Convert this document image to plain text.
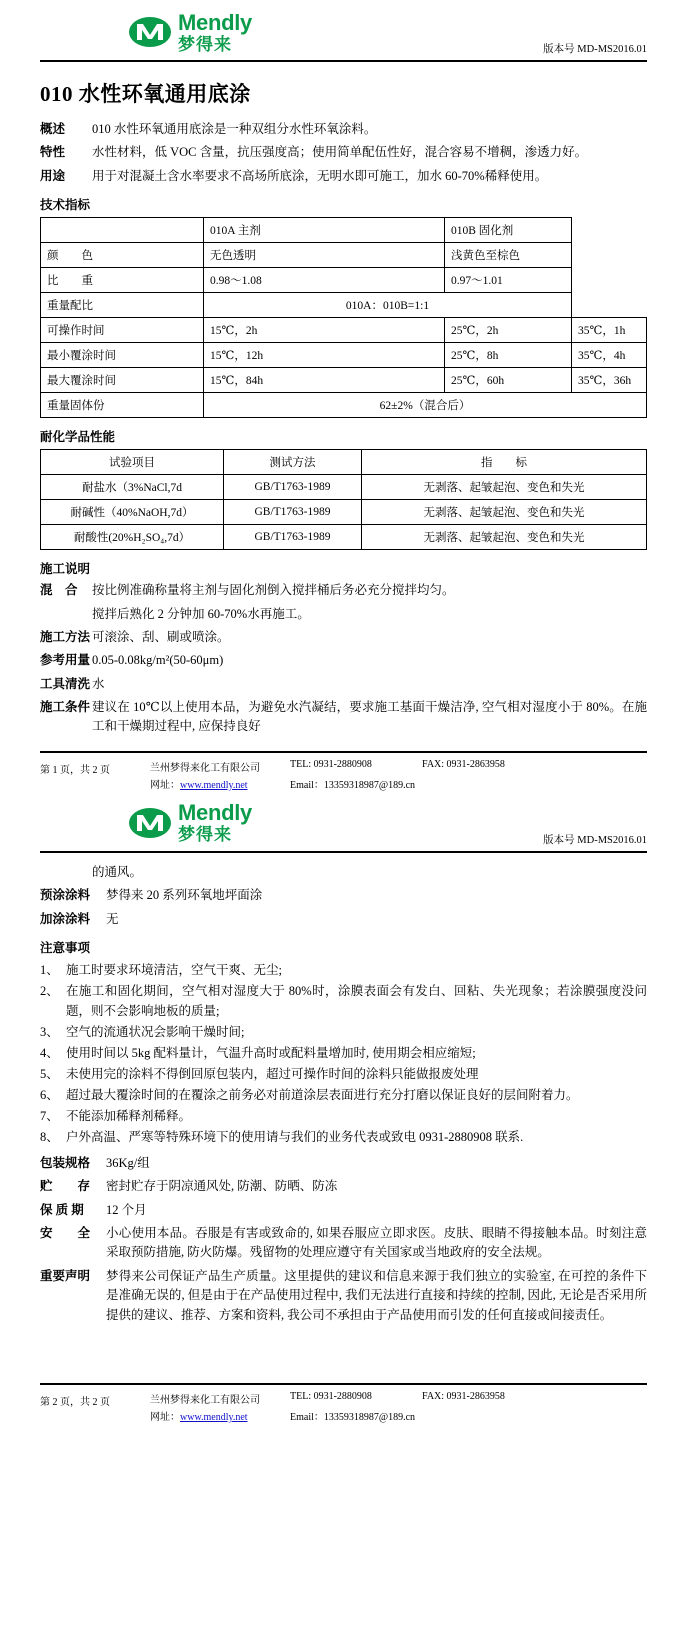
Mendly
梦得来	版本号 MD-MS2016.01
010 水性环氧通用底涂
概述	010 水性环氧通用底涂是一种双组分水性环氧涂料。
特性	水性材料，低 VOC 含量，抗压强度高；使用简单配伍性好，混合容易不增稠，渗透力好。
用途	用于对混凝土含水率要求不高场所底涂，无明水即可施工，加水 60-70%稀释使用。
技术指标
	010A 主剂	010B 固化剂	
颜　　色	无色透明	浅黄色至棕色	
比　　重	0.98～1.08	0.97～1.01	
重量配比	010A：010B=1:1		
可操作时间	15℃，2h	25℃，2h	35℃，1h
最小覆涂时间	15℃，12h	25℃，8h	35℃，4h
最大覆涂时间	15℃，84h	25℃，60h	35℃，36h
重量固体份	62±2%（混合后）		
耐化学品性能
试验项目	测试方法	指　　标
耐盐水（3%NaCl,7d	GB/T1763-1989	无剥落、起皱起泡、变色和失光
耐碱性（40%NaOH,7d）	GB/T1763-1989	无剥落、起皱起泡、变色和失光
耐酸性(20%H₂SO₄,7d）	GB/T1763-1989	无剥落、起皱起泡、变色和失光
施工说明
混　合	按比例准确称量将主剂与固化剂倒入搅拌桶后务必充分搅拌均匀。
搅拌后熟化 2 分钟加 60-70%水再施工。
施工方法 可滚涂、刮、刷或喷涂。
参考用量 0.05-0.08kg/m²(50-60μm)
工具清洗 水
施工条件 建议在 10℃以上使用本品，为避免水汽凝结，要求施工基面干燥洁净, 空气相对湿度小于 80%。在施工和干燥期过程中, 应保持良好
第 1 页，共 2 页	兰州梦得来化工有限公司	TEL: 0931-2880908	FAX: 0931-2863958
网址：www.mendly.net	Email：13359318987@189.cn
Mendly
梦得来	版本号 MD-MS2016.01
的通风。
预涂涂料	梦得来 20 系列环氧地坪面涂
加涂涂料	无
注意事项
1、 施工时要求环境清洁，空气干爽、无尘;
2、 在施工和固化期间，空气相对湿度大于 80%时，涂膜表面会有发白、回粘、失光现象；若涂膜强度没问题，则不会影响地板的质量;
3、 空气的流通状况会影响干燥时间;
4、 使用时间以 5kg 配料量计，气温升高时或配料量增加时, 使用期会相应缩短;
5、 未使用完的涂料不得倒回原包装内，超过可操作时间的涂料只能做报废处理
6、 超过最大覆涂时间的在覆涂之前务必对前道涂层表面进行充分打磨以保证良好的层间附着力。
7、 不能添加稀释剂稀释。
8、 户外高温、严寒等特殊环境下的使用请与我们的业务代表或致电 0931-2880908 联系.
包装规格	36Kg/组
贮　　存	密封贮存于阴凉通风处, 防潮、防晒、防冻
保 质 期	12 个月
安　　全	小心使用本品。吞服是有害或致命的, 如果吞服应立即求医。皮肤、眼睛不得接触本品。时刻注意采取预防措施, 防火防爆。残留物的处理应遵守有关国家或当地政府的安全法规。
重要声明	梦得来公司保证产品生产质量。这里提供的建议和信息来源于我们独立的实验室, 在可控的条件下是准确无误的, 但是由于在产品使用过程中, 我们无法进行直接和持续的控制, 因此, 无论是否采用所提供的建议、推荐、方案和资料, 我公司不承担由于产品使用而引发的任何直接或间接责任。
第 2 页，共 2 页	兰州梦得来化工有限公司	TEL: 0931-2880908	FAX: 0931-2863958
网址：www.mendly.net	Email：13359318987@189.cn
